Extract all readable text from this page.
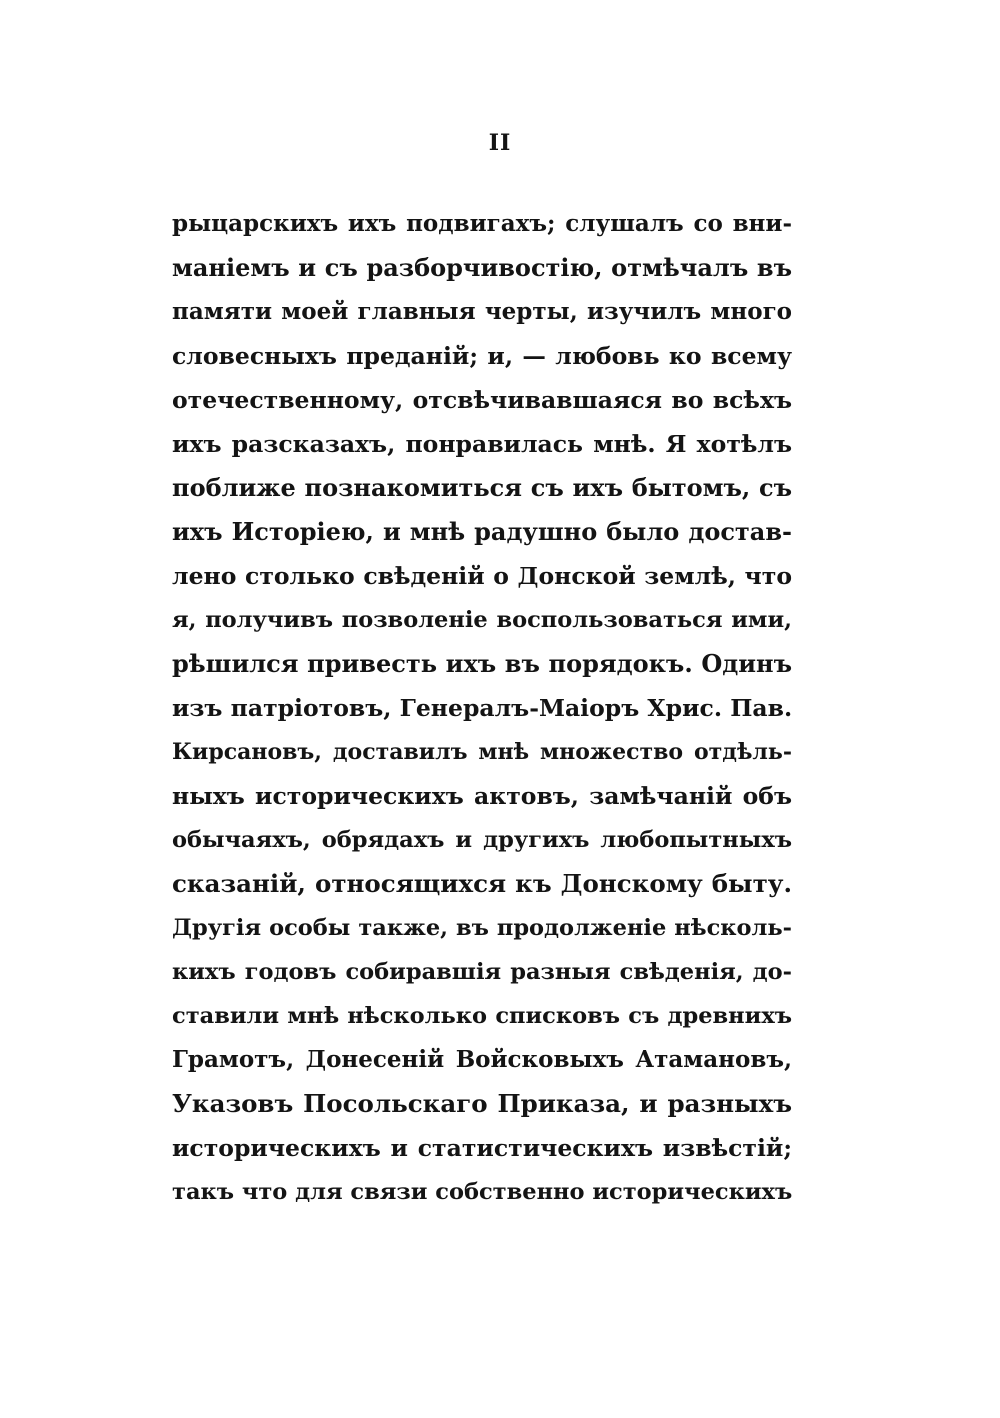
II
рыцарскихъ ихъ подвигахъ; слушалъ со вни-
манiемъ и съ разборчивостiю, отмѣчалъ въ
памяти моей главныя черты, изучилъ много
словесныхъ преданiй; и, — любовь ко всему
отечественному, отсвѣчивавшаяся во всѣхъ
ихъ разсказахъ, понравилась мнѣ. Я хотѣлъ
поближе познакомиться съ ихъ бытомъ, съ
ихъ Исторiею, и мнѣ радушно было достав-
лено столько свѣденiй о Донской землѣ, что
я, получивъ позволенiе воспользоваться ими,
рѣшился привесть ихъ въ порядокъ. Одинъ
изъ патрiотовъ, Генералъ-Маiоръ Хрис. Пав.
Кирсановъ, доставилъ мнѣ множество отдѣль-
ныхъ историческихъ актовъ, замѣчанiй объ
обычаяхъ, обрядахъ и другихъ любопытныхъ
сказанiй, относящихся къ Донскому быту.
Другiя особы также, въ продолженiе нѣсколь-
кихъ годовъ собиравшiя разныя свѣденiя, до-
ставили мнѣ нѣсколько списковъ съ древнихъ
Грамотъ, Донесенiй Войсковыхъ Атамановъ,
Указовъ Посольскаго Приказа, и разныхъ
историческихъ и статистическихъ извѣстiй;
такъ что для связи собственно историческихъ
